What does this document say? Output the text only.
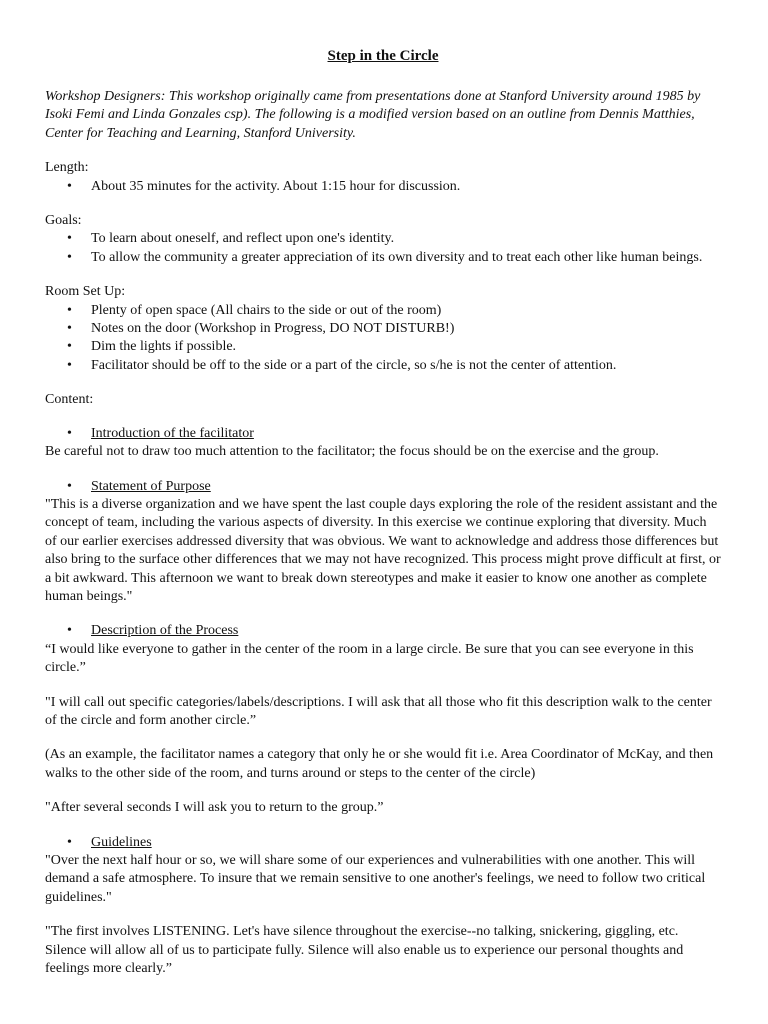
Step in the Circle

Workshop Designers: This workshop originally came from presentations done at Stanford University around 1985 by Isoki Femi and Linda Gonzales csp). The following is a modified version based on an outline from Dennis Matthies, Center for Teaching and Learning, Stanford University.

Length:
• About 35 minutes for the activity. About 1:15 hour for discussion.
Goals:
• To learn about oneself, and reflect upon one's identity.
• To allow the community a greater appreciation of its own diversity and to treat each other like human beings.
Room Set Up:
• Plenty of open space (All chairs to the side or out of the room)
• Notes on the door (Workshop in Progress, DO NOT DISTURB!)
• Dim the lights if possible.
• Facilitator should be off to the side or a part of the circle, so s/he is not the center of attention.
Content:
• Introduction of the facilitator

Be careful not to draw too much attention to the facilitator; the focus should be on the exercise and the group.

• Statement of Purpose

"This is a diverse organization and we have spent the last couple days exploring the role of the resident assistant and the concept of team, including the various aspects of diversity. In this exercise we continue exploring that diversity. Much of our earlier exercises addressed diversity that was obvious. We want to acknowledge and address those differences but also bring to the surface other differences that we may not have recognized. This process might prove difficult at first, or a bit awkward. This afternoon we want to break down stereotypes and make it easier to know one another as complete human beings."

• Description of the Process

“I would like everyone to gather in the center of the room in a large circle. Be sure that you can see everyone in this circle.”

"I will call out specific categories/labels/descriptions. I will ask that all those who fit this description walk to the center of the circle and form another circle.”

(As an example, the facilitator names a category that only he or she would fit i.e. Area Coordinator of McKay, and then walks to the other side of the room, and turns around or steps to the center of the circle)

"After several seconds I will ask you to return to the group.”

• Guidelines

"Over the next half hour or so, we will share some of our experiences and vulnerabilities with one another. This will demand a safe atmosphere. To insure that we remain sensitive to one another's feelings, we need to follow two critical guidelines."

"The first involves LISTENING. Let's have silence throughout the exercise--no talking, snickering, giggling, etc. Silence will allow all of us to participate fully. Silence will also enable us to experience our personal thoughts and feelings more clearly.”
